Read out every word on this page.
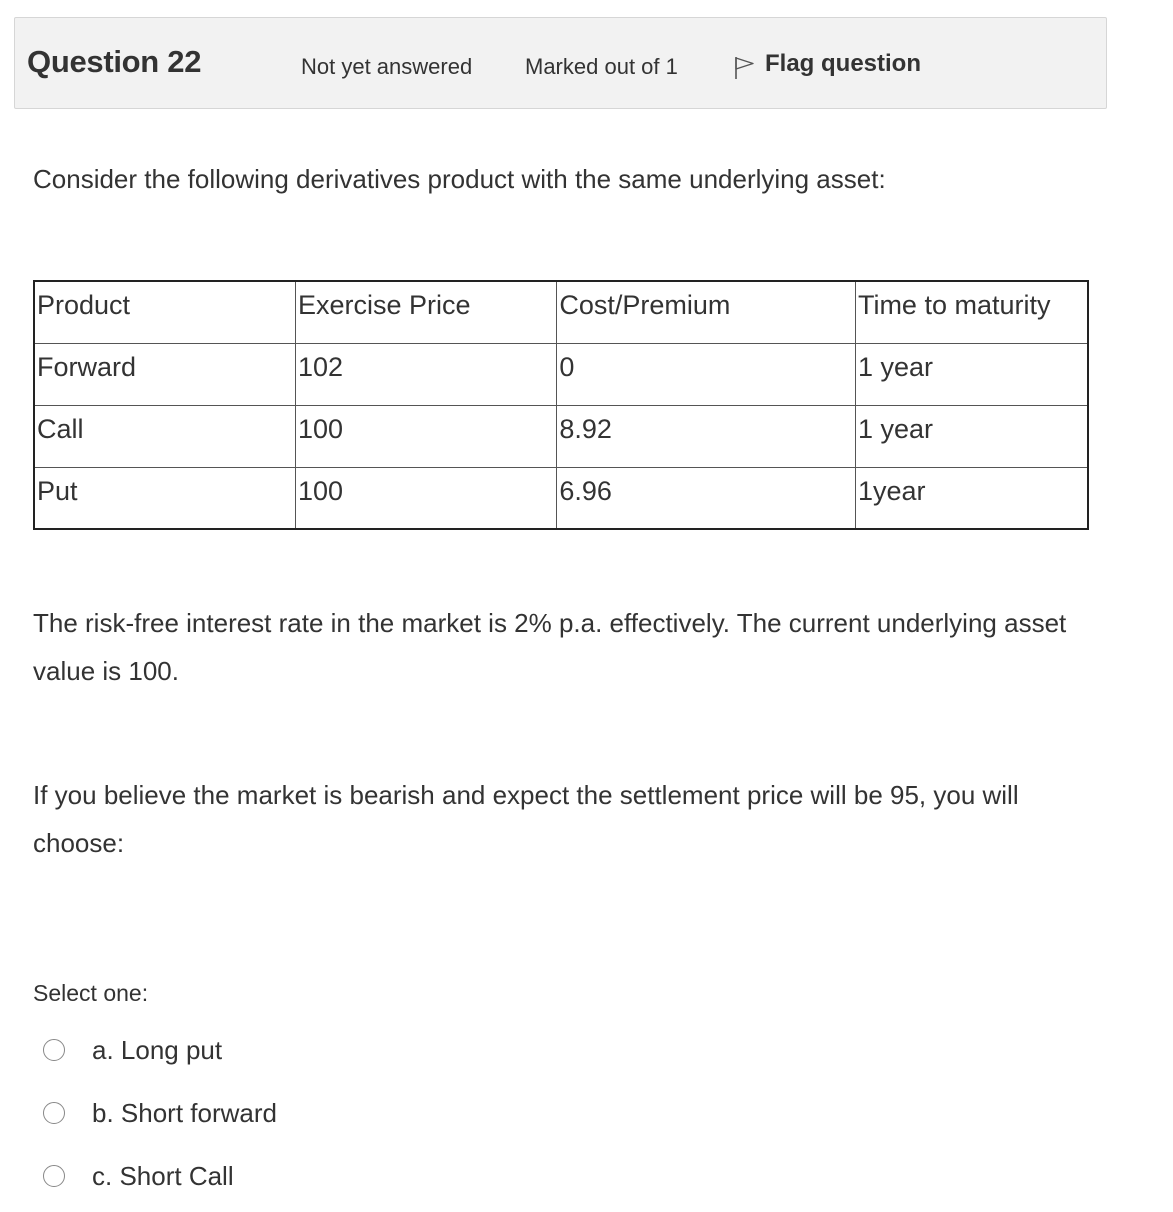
Question 22	Not yet answered Marked out of 1	Flag question
Consider the following derivatives product with the same underlying asset:
Product	Exercise Price	Cost/Premium	Time to maturity

Forward	102	0	1 year

Call	100	8.92	1 year

Put	100	6.96	1year
The risk-free interest rate in the market is 2% p.a. effectively. The current underlying asset value is 100.
If you believe the market is bearish and expect the settlement price will be 95, you will choose:
Select one:
a. Long put
b. Short forward
c. Short Call
